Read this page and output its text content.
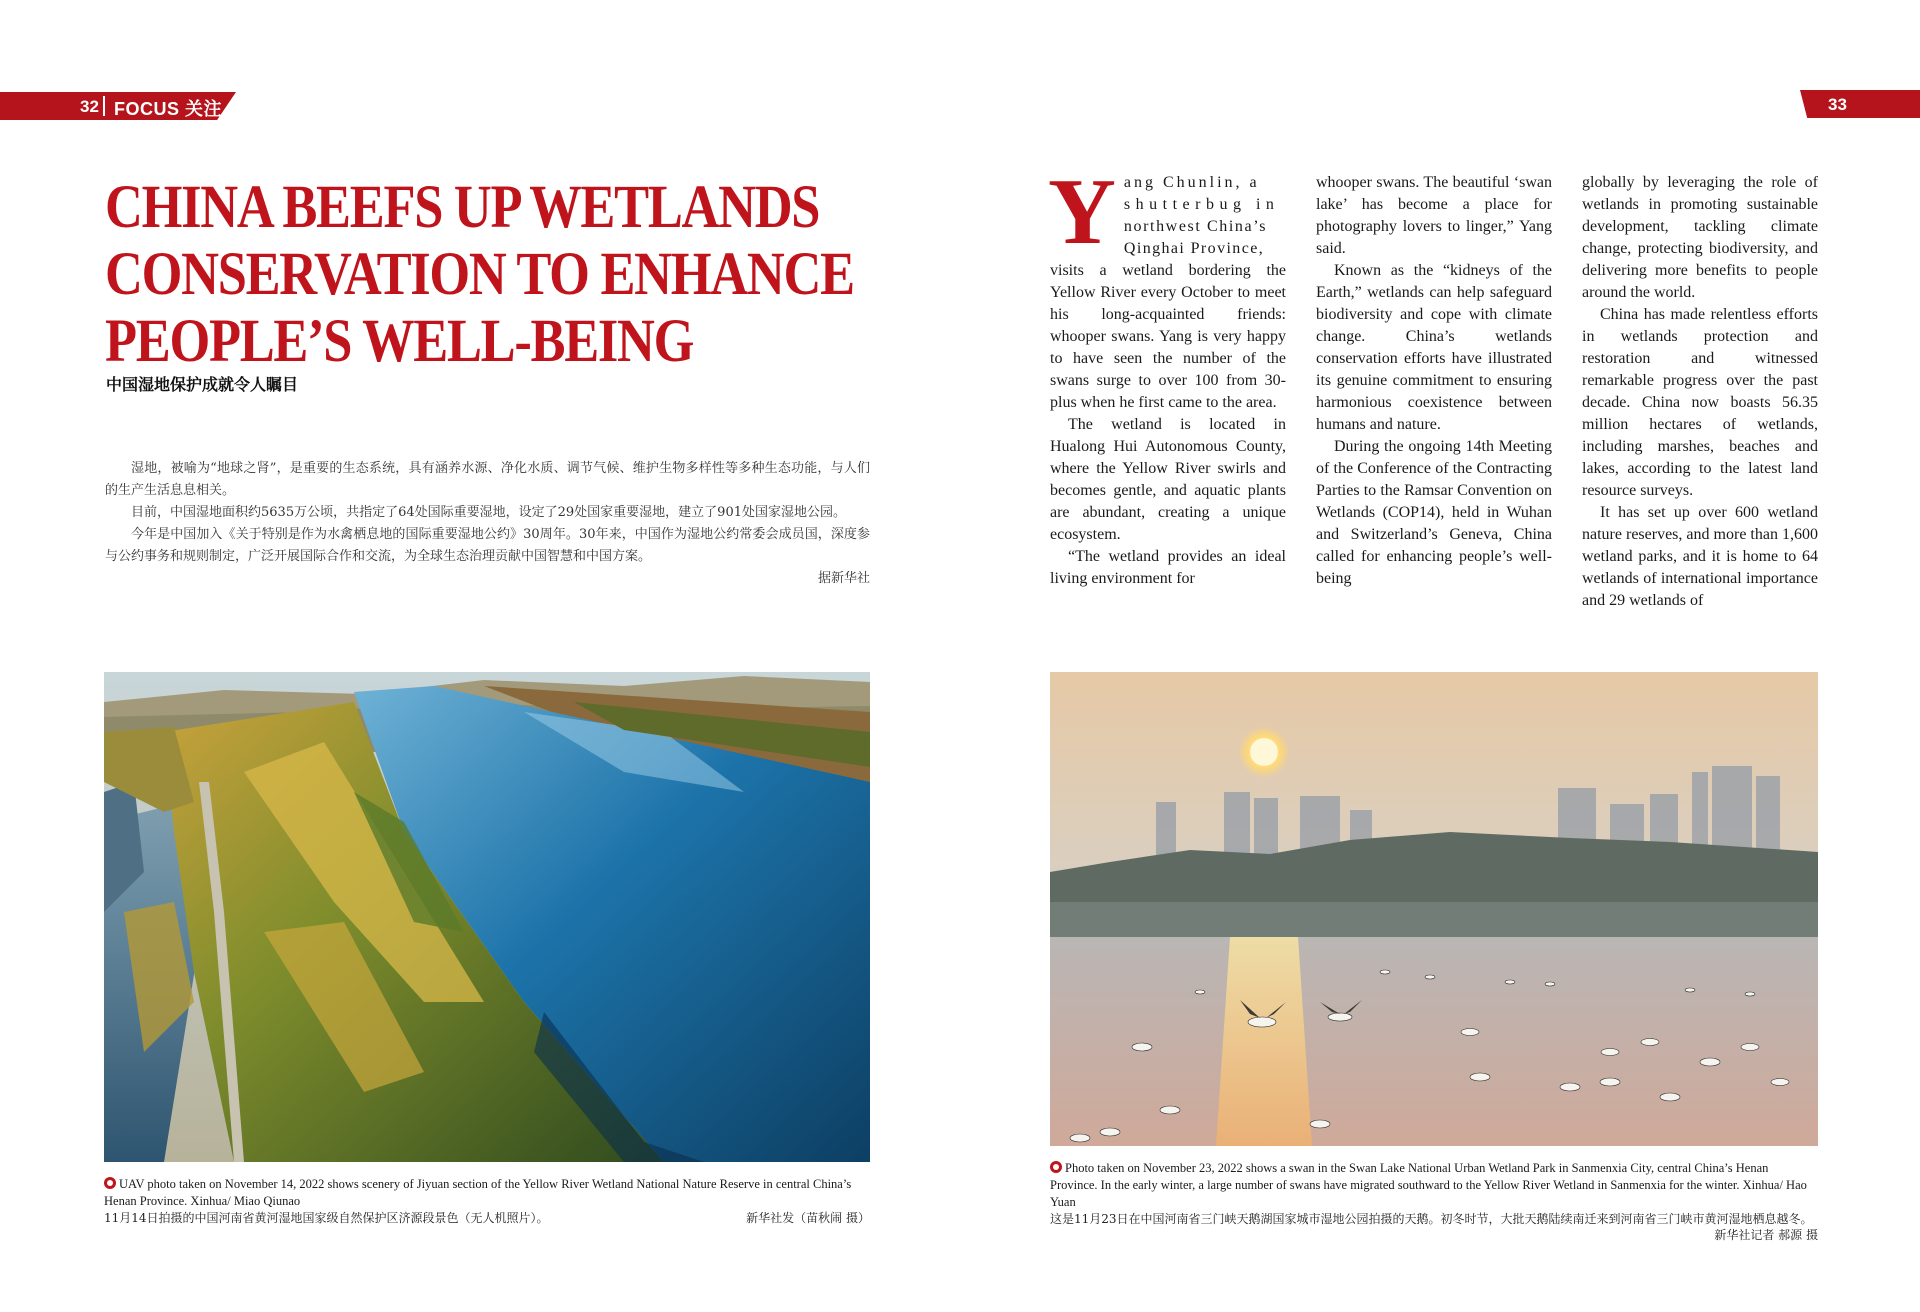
32 FOCUS 关注	33
CHINA BEEFS UP WETLANDS
CONSERVATION TO ENHANCE
PEOPLE’S WELL-BEING
中国湿地保护成就令人瞩目

湿地，被喻为“地球之肾”，是重要的生态系统，具有涵养水源、净化水质、调节气候、维护生物多样性等多种生态功能，与人们的生产生活息息相关。

目前，中国湿地面积约5635万公顷，共指定了64处国际重要湿地，设定了29处国家重要湿地，建立了901处国家湿地公园。

今年是中国加入《关于特别是作为水禽栖息地的国际重要湿地公约》30周年。30年来，中国作为湿地公约常委会成员国，深度参与公约事务和规则制定，广泛开展国际合作和交流，为全球生态治理贡献中国智慧和中国方案。

据新华社

Y ang Chunlin, a
shutterbug in
northwest China’s
Qinghai Province,
visits a wetland bordering the Yellow River every October to meet his long-acquainted friends: whooper swans. Yang is very happy to have seen the number of the swans surge to over 100 from 30-plus when he first came to the area.

The wetland is located in Hualong Hui Autonomous County, where the Yellow River swirls and becomes gentle, and aquatic plants are abundant, creating a unique ecosystem.

“The wetland provides an ideal living environment for

whooper swans. The beautiful ‘swan lake’ has become a place for photography lovers to linger,” Yang said.

Known as the “kidneys of the Earth,” wetlands can help safeguard biodiversity and cope with climate change. China’s wetlands conservation efforts have illustrated its genuine commitment to ensuring harmonious coexistence between humans and nature.

During the ongoing 14th Meeting of the Conference of the Contracting Parties to the Ramsar Convention on Wetlands (COP14), held in Wuhan and Switzerland’s Geneva, China called for enhancing people’s well-being

globally by leveraging the role of wetlands in promoting sustainable development, tackling climate change, protecting biodiversity, and delivering more benefits to people around the world.

China has made relentless efforts in wetlands protection and restoration and witnessed remarkable progress over the past decade. China now boasts 56.35 million hectares of wetlands, including marshes, beaches and lakes, according to the latest land resource surveys.

It has set up over 600 wetland nature reserves, and more than 1,600 wetland parks, and it is home to 64 wetlands of international importance and 29 wetlands of

UAV photo taken on November 14, 2022 shows scenery of Jiyuan section of the Yellow River Wetland National Nature Reserve in central China’s Henan Province. Xinhua/ Miao Qiunao
11月14日拍摄的中国河南省黄河湿地国家级自然保护区济源段景色（无人机照片）。	新华社发（苗秋闹 摄）
Photo taken on November 23, 2022 shows a swan in the Swan Lake National Urban Wetland Park in Sanmenxia City, central China’s Henan Province. In the early winter, a large number of swans have migrated southward to the Yellow River Wetland in Sanmenxia for the winter. Xinhua/ Hao Yuan
这是11月23日在中国河南省三门峡天鹅湖国家城市湿地公园拍摄的天鹅。初冬时节，大批天鹅陆续南迁来到河南省三门峡市黄河湿地栖息越冬。
新华社记者 郝源 摄
